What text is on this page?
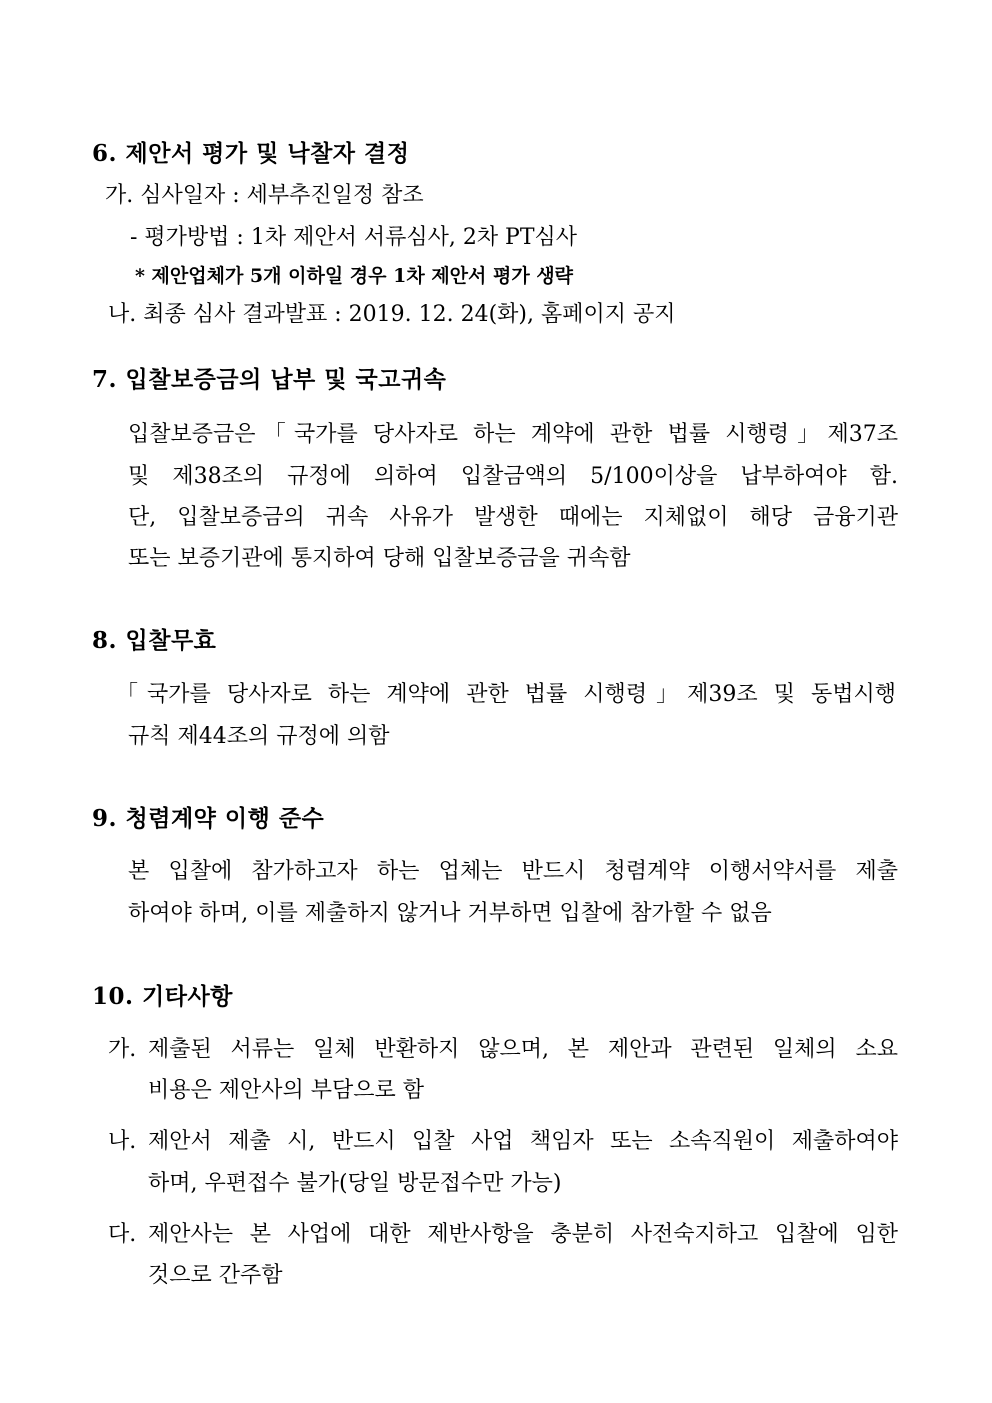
6. 제안서 평가 및 낙찰자 결정
가. 심사일자 : 세부추진일정 참조
- 평가방법 : 1차 제안서 서류심사, 2차 PT심사
* 제안업체가 5개 이하일 경우 1차 제안서 평가 생략
나. 최종 심사 결과발표 : 2019. 12. 24(화), 홈페이지 공지
7. 입찰보증금의 납부 및 국고귀속
입찰보증금은「국가를 당사자로 하는 계약에 관한 법률 시행령」제37조
및 제38조의 규정에 의하여 입찰금액의 5/100이상을 납부하여야 함.
단, 입찰보증금의 귀속 사유가 발생한 때에는 지체없이 해당 금융기관
또는 보증기관에 통지하여 당해 입찰보증금을 귀속함
8. 입찰무효
「국가를 당사자로 하는 계약에 관한 법률 시행령」제39조 및 동법시행
규칙 제44조의 규정에 의함
9. 청렴계약 이행 준수
본 입찰에 참가하고자 하는 업체는 반드시 청렴계약 이행서약서를 제출
하여야 하며, 이를 제출하지 않거나 거부하면 입찰에 참가할 수 없음
10. 기타사항
가. 제출된 서류는 일체 반환하지 않으며, 본 제안과 관련된 일체의 소요
비용은 제안사의 부담으로 함
나. 제안서 제출 시, 반드시 입찰 사업 책임자 또는 소속직원이 제출하여야
하며, 우편접수 불가(당일 방문접수만 가능)
다. 제안사는 본 사업에 대한 제반사항을 충분히 사전숙지하고 입찰에 임한
것으로 간주함
